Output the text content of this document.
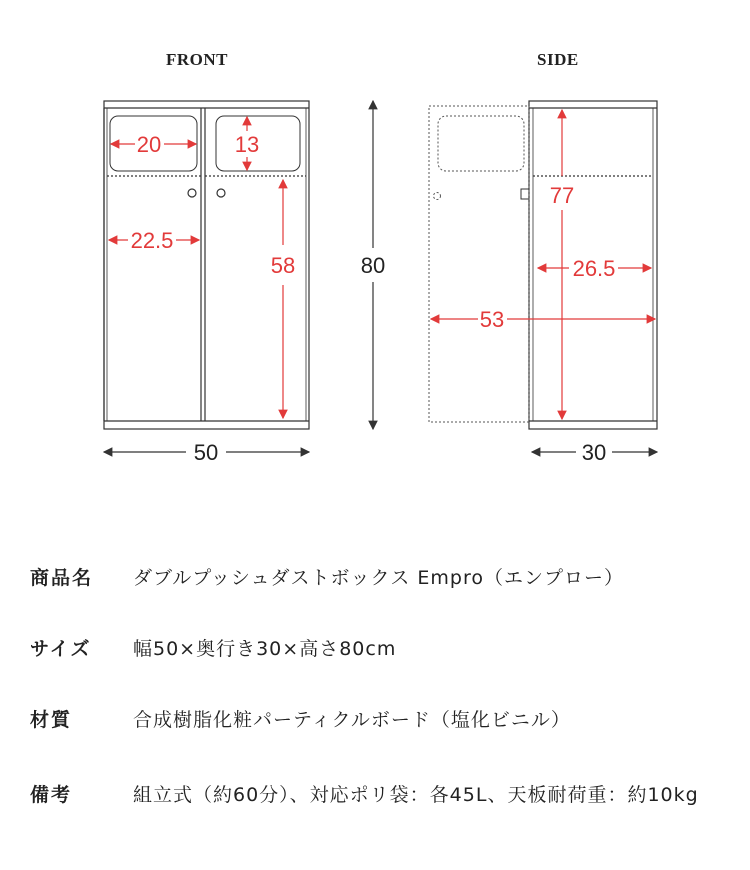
FRONT	SIDE
20	13
22.5
58
50
80
77
26.5
53
30
商品名 ダブルプッシュダストボックス Empro（エンプロー）
サイズ 幅50×奥行き30×高さ80cm
材質	合成樹脂化粧パーティクルボード（塩化ビニル）
備考	組立式（約60分）、対応ポリ袋：各45L、天板耐荷重：約10kg
